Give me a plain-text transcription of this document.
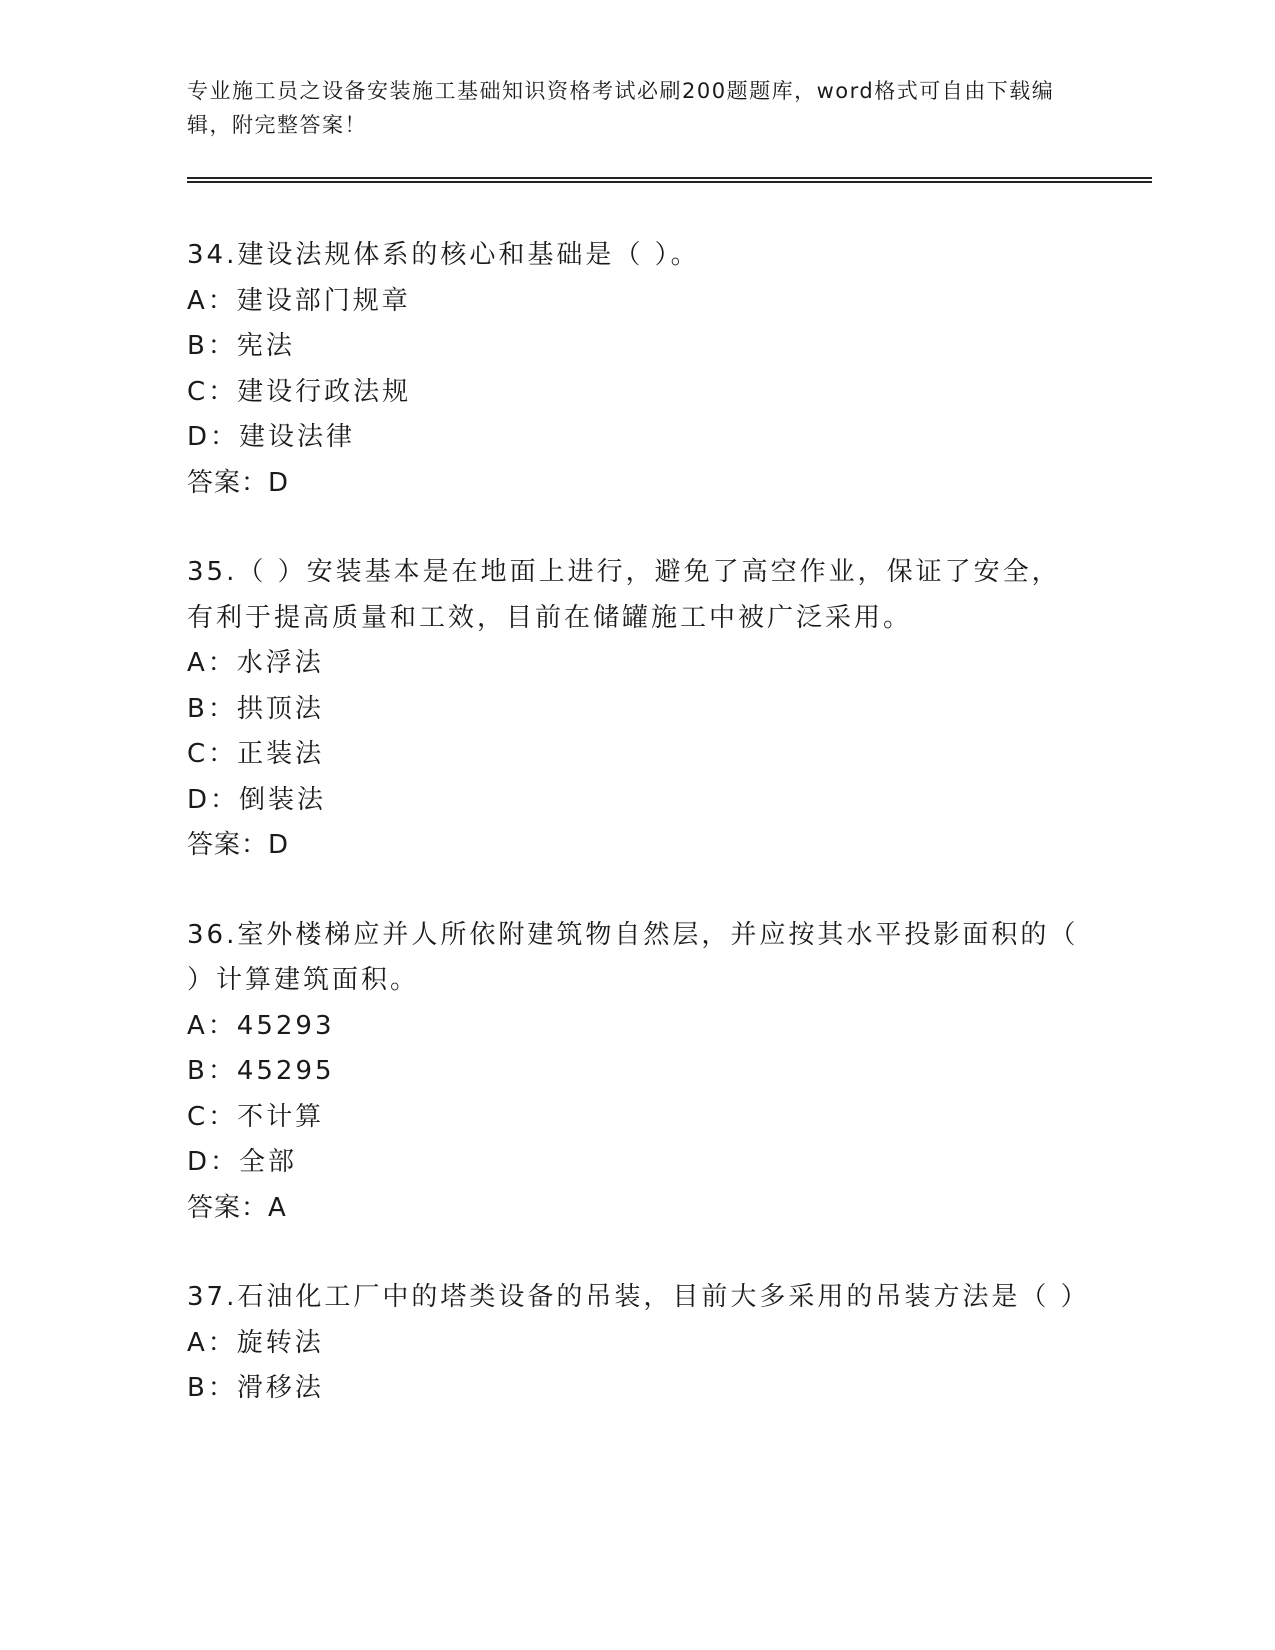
专业施工员之设备安装施工基础知识资格考试必刷200题题库，word格式可自由下载编辑，附完整答案！
34.建设法规体系的核心和基础是（ ）。
A：建设部门规章
B：宪法
C：建设行政法规
D：建设法律
答案：D
35.（ ）安装基本是在地面上进行，避免了高空作业，保证了安全，有利于提高质量和工效，目前在储罐施工中被广泛采用。
A：水浮法
B：拱顶法
C：正装法
D：倒装法
答案：D
36.室外楼梯应并人所依附建筑物自然层，并应按其水平投影面积的（ ）计算建筑面积。
A：45293
B：45295
C：不计算
D：全部
答案：A
37.石油化工厂中的塔类设备的吊装，目前大多采用的吊装方法是（ ）
A：旋转法
B：滑移法
